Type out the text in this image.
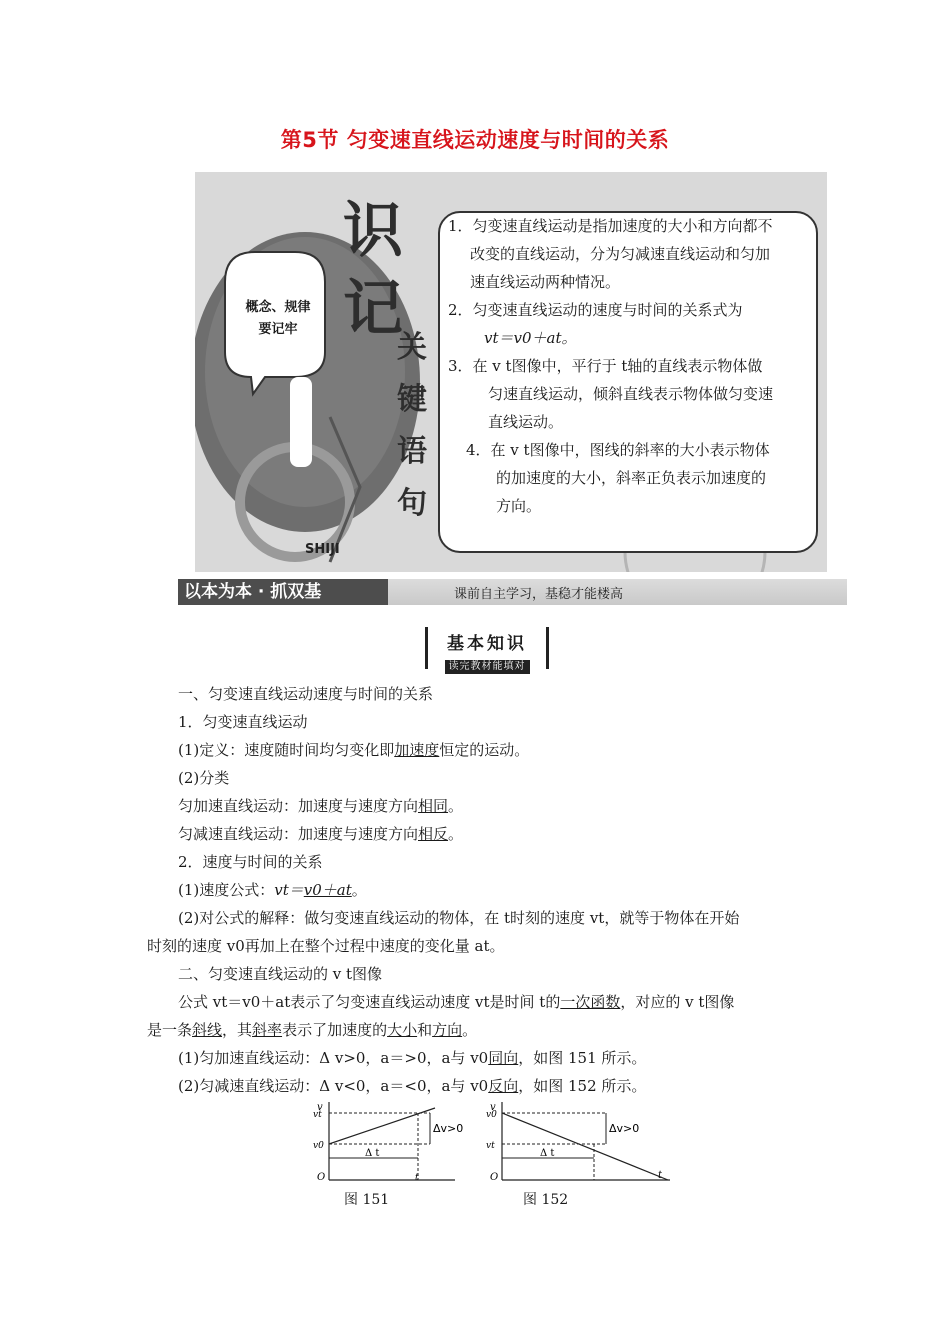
第5节 匀变速直线运动速度与时间的关系
概念、规律
要记牢
识
记
关
键
语
句
SHIJI
1．匀变速直线运动是指加速度的大小和方向都不
改变的直线运动，分为匀减速直线运动和匀加
速直线运动两种情况。
2．匀变速直线运动的速度与时间的关系式为
vt＝v0＋at。
3．在 v t图像中，平行于 t轴的直线表示物体做
匀速直线运动，倾斜直线表示物体做匀变速
直线运动。
4．在 v t图像中，图线的斜率的大小表示物体
的加速度的大小，斜率正负表示加速度的
方向。
以本为本 · 抓双基	课前自主学习，基稳才能楼高
基本知识
读完教材能填对
一、匀变速直线运动速度与时间的关系
1．匀变速直线运动
(1)定义：速度随时间均匀变化即加速度恒定的运动。
(2)分类
匀加速直线运动：加速度与速度方向相同。
匀减速直线运动：加速度与速度方向相反。
2．速度与时间的关系
(1)速度公式：vt＝v0＋at。
(2)对公式的解释：做匀变速直线运动的物体，在 t时刻的速度 vt，就等于物体在开始
时刻的速度 v0再加上在整个过程中速度的变化量 at。
二、匀变速直线运动的 v t图像
公式 vt＝v0＋at表示了匀变速直线运动速度 vt是时间 t的一次函数，对应的 v t图像
是一条斜线，其斜率表示了加速度的大小和方向。
(1)匀加速直线运动：Δ v>0，a＝>0，a与 v0同向，如图 151 所示。
(2)匀减速直线运动：Δ v<0，a＝<0，a与 v0反向，如图 152 所示。
v
vt
v0
O
Δ t
t
Δv>0
图 151
v
v0
vt
O
Δ t
t
Δv>0
图 152
